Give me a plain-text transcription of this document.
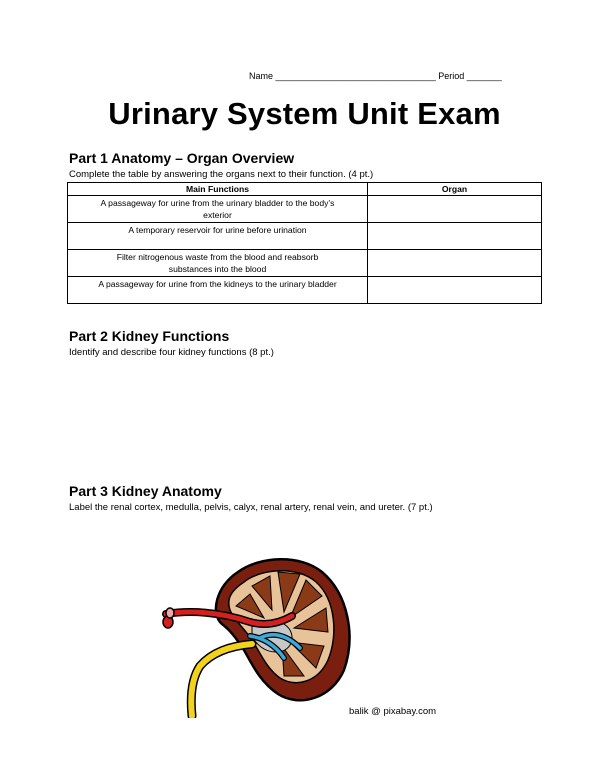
Name ________________________________ Period _______
Urinary System Unit Exam
Part 1 Anatomy – Organ Overview
Complete the table by answering the organs next to their function. (4 pt.)
Main Functions	Organ

A passageway for urine from the urinary bladder to the body’s
exterior	

A temporary reservoir for urine before urination	

Filter nitrogenous waste from the blood and reabsorb
substances into the blood	

A passageway for urine from the kidneys to the urinary bladder	

Part 2 Kidney Functions
Identify and describe four kidney functions (8 pt.)
Part 3 Kidney Anatomy
Label the renal cortex, medulla, pelvis, calyx, renal artery, renal vein, and ureter. (7 pt.)
balik @ pixabay.com
